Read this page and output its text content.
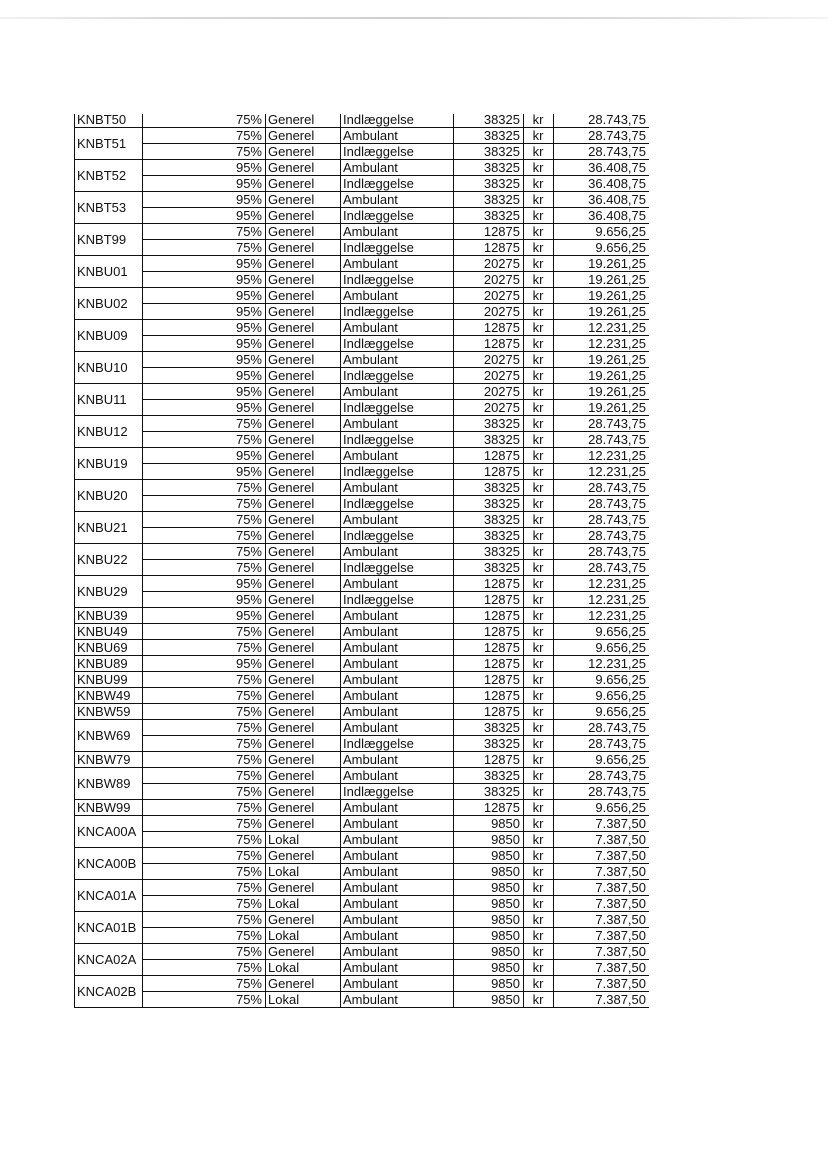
KNBT50	75%	Generel	Indlæggelse	38325	kr	28.743,75
KNBT51	75%	Generel	Ambulant	38325	kr	28.743,75
	75%	Generel	Indlæggelse	38325	kr	28.743,75
KNBT52	95%	Generel	Ambulant	38325	kr	36.408,75
	95%	Generel	Indlæggelse	38325	kr	36.408,75
KNBT53	95%	Generel	Ambulant	38325	kr	36.408,75
	95%	Generel	Indlæggelse	38325	kr	36.408,75
KNBT99	75%	Generel	Ambulant	12875	kr	9.656,25
	75%	Generel	Indlæggelse	12875	kr	9.656,25
KNBU01	95%	Generel	Ambulant	20275	kr	19.261,25
	95%	Generel	Indlæggelse	20275	kr	19.261,25
KNBU02	95%	Generel	Ambulant	20275	kr	19.261,25
	95%	Generel	Indlæggelse	20275	kr	19.261,25
KNBU09	95%	Generel	Ambulant	12875	kr	12.231,25
	95%	Generel	Indlæggelse	12875	kr	12.231,25
KNBU10	95%	Generel	Ambulant	20275	kr	19.261,25
	95%	Generel	Indlæggelse	20275	kr	19.261,25
KNBU11	95%	Generel	Ambulant	20275	kr	19.261,25
	95%	Generel	Indlæggelse	20275	kr	19.261,25
KNBU12	75%	Generel	Ambulant	38325	kr	28.743,75
	75%	Generel	Indlæggelse	38325	kr	28.743,75
KNBU19	95%	Generel	Ambulant	12875	kr	12.231,25
	95%	Generel	Indlæggelse	12875	kr	12.231,25
KNBU20	75%	Generel	Ambulant	38325	kr	28.743,75
	75%	Generel	Indlæggelse	38325	kr	28.743,75
KNBU21	75%	Generel	Ambulant	38325	kr	28.743,75
	75%	Generel	Indlæggelse	38325	kr	28.743,75
KNBU22	75%	Generel	Ambulant	38325	kr	28.743,75
	75%	Generel	Indlæggelse	38325	kr	28.743,75
KNBU29	95%	Generel	Ambulant	12875	kr	12.231,25
	95%	Generel	Indlæggelse	12875	kr	12.231,25
KNBU39	95%	Generel	Ambulant	12875	kr	12.231,25
KNBU49	75%	Generel	Ambulant	12875	kr	9.656,25
KNBU69	75%	Generel	Ambulant	12875	kr	9.656,25
KNBU89	95%	Generel	Ambulant	12875	kr	12.231,25
KNBU99	75%	Generel	Ambulant	12875	kr	9.656,25
KNBW49	75%	Generel	Ambulant	12875	kr	9.656,25
KNBW59	75%	Generel	Ambulant	12875	kr	9.656,25
KNBW69	75%	Generel	Ambulant	38325	kr	28.743,75
	75%	Generel	Indlæggelse	38325	kr	28.743,75
KNBW79	75%	Generel	Ambulant	12875	kr	9.656,25
KNBW89	75%	Generel	Ambulant	38325	kr	28.743,75
	75%	Generel	Indlæggelse	38325	kr	28.743,75
KNBW99	75%	Generel	Ambulant	12875	kr	9.656,25
KNCA00A	75%	Generel	Ambulant	9850	kr	7.387,50
	75%	Lokal	Ambulant	9850	kr	7.387,50
KNCA00B	75%	Generel	Ambulant	9850	kr	7.387,50
	75%	Lokal	Ambulant	9850	kr	7.387,50
KNCA01A	75%	Generel	Ambulant	9850	kr	7.387,50
	75%	Lokal	Ambulant	9850	kr	7.387,50
KNCA01B	75%	Generel	Ambulant	9850	kr	7.387,50
	75%	Lokal	Ambulant	9850	kr	7.387,50
KNCA02A	75%	Generel	Ambulant	9850	kr	7.387,50
	75%	Lokal	Ambulant	9850	kr	7.387,50
KNCA02B	75%	Generel	Ambulant	9850	kr	7.387,50
	75%	Lokal	Ambulant	9850	kr	7.387,50
